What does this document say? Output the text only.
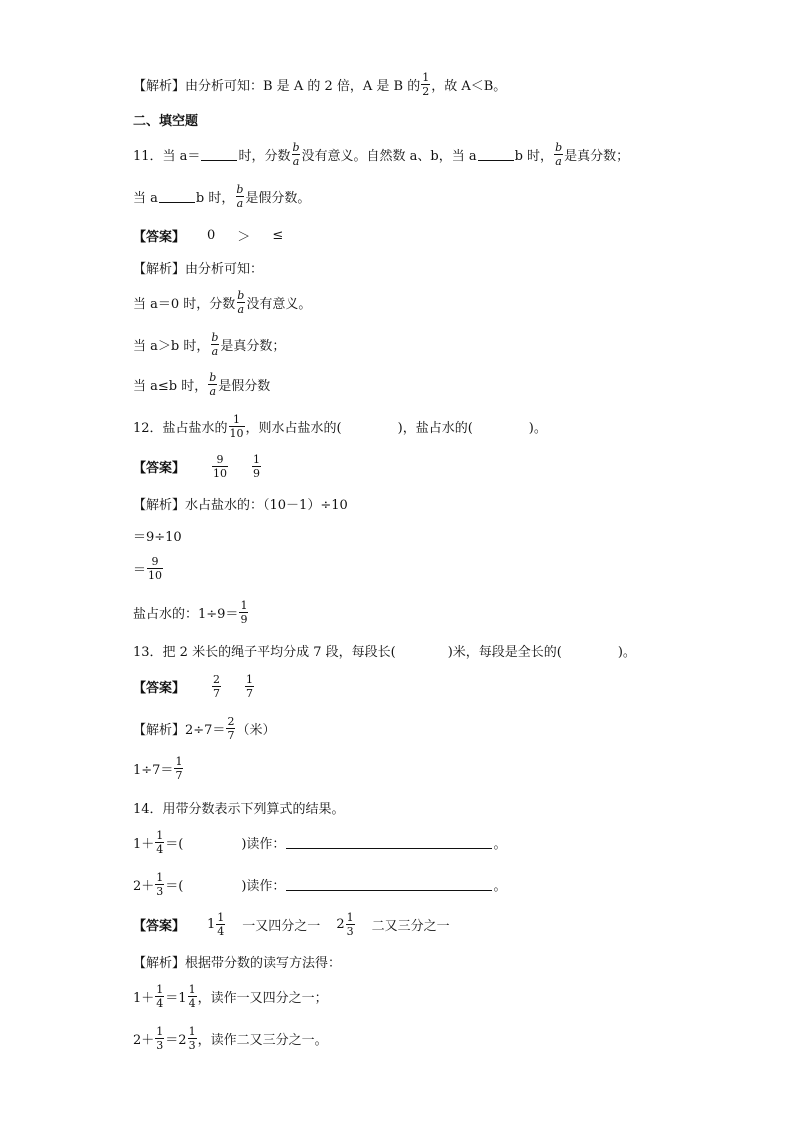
【解析】由分析可知：B 是 A 的 2 倍，A 是 B 的 $\frac{1}{2}$ ，故 A＜B。
二、填空题
11．当 a＝	时，分数 $\frac{b}{a}$ 没有意义。自然数 a、b，当 a	b 时， $\frac{b}{a}$ 是真分数；
当 a	b 时， $\frac{b}{a}$ 是假分数。
【答案】 0 ＞ ≤
【解析】由分析可知：
当 a＝0 时，分数 $\frac{b}{a}$ 没有意义。
当 a＞b 时， $\frac{b}{a}$ 是真分数；
当 a≤b 时， $\frac{b}{a}$ 是假分数
12．盐占盐水的 $\frac{1}{10}$ ，则水占盐水的(	)，盐占水的(	)。
【答案】 $\frac{9}{10} \frac{1}{9}$
【解析】水占盐水的：（10－1）÷10
＝9÷10
＝ $\frac{9}{10}$
盐占水的：$1\div 9= \frac{1}{9}$
13．把 2 米长的绳子平均分成 7 段，每段长(	)米，每段是全长的(	)。
【答案】 $\frac{2}{7} \frac{1}{7}$
【解析】$2\div 7= \frac{2}{7}$ （米）
$1\div 7= \frac{1}{7}$
14．用带分数表示下列算式的结果。
$1+ \frac{1}{4}$ ＝(	)读作：	。
$2+ \frac{1}{3}$ ＝(	)读作：	。
【答案】 $1 \frac{1}{4}$ 一又四分之一 $2 \frac{1}{3}$ 二又三分之一
【解析】根据带分数的读写方法得：
$1+ \frac{1}{4} =1 \frac{1}{4}$ ，读作一又四分之一；
$2+ \frac{1}{3} =2 \frac{1}{3}$ ，读作二又三分之一。
